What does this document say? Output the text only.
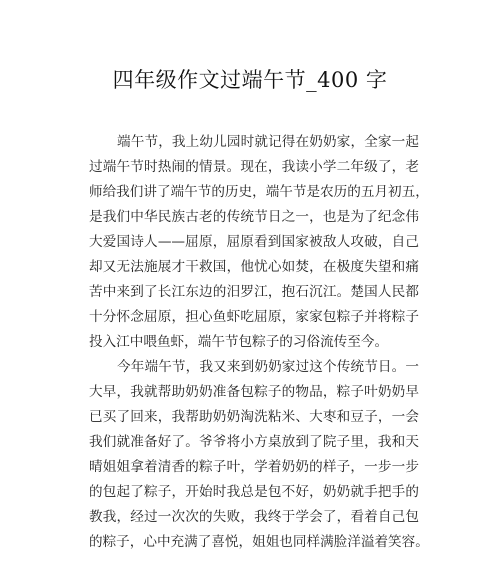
四年级作文过端午节_400 字
端午节，我上幼儿园时就记得在奶奶家，全家一起
过端午节时热闹的情景。现在，我读小学二年级了，老
师给我们讲了端午节的历史，端午节是农历的五月初五，
是我们中华民族古老的传统节日之一，也是为了纪念伟
大爱国诗人——屈原，屈原看到国家被敌人攻破，自己
却又无法施展才干救国，他忧心如焚，在极度失望和痛
苦中来到了长江东边的汨罗江，抱石沉江。楚国人民都
十分怀念屈原，担心鱼虾吃屈原，家家包粽子并将粽子
投入江中喂鱼虾，端午节包粽子的习俗流传至今。
今年端午节，我又来到奶奶家过这个传统节日。一
大早，我就帮助奶奶准备包粽子的物品，粽子叶奶奶早
已买了回来，我帮助奶奶淘洗粘米、大枣和豆子，一会
我们就准备好了。爷爷将小方桌放到了院子里，我和天
晴姐姐拿着清香的粽子叶，学着奶奶的样子，一步一步
的包起了粽子，开始时我总是包不好，奶奶就手把手的
教我，经过一次次的失败，我终于学会了，看着自己包
的粽子，心中充满了喜悦，姐姐也同样满脸洋溢着笑容。
